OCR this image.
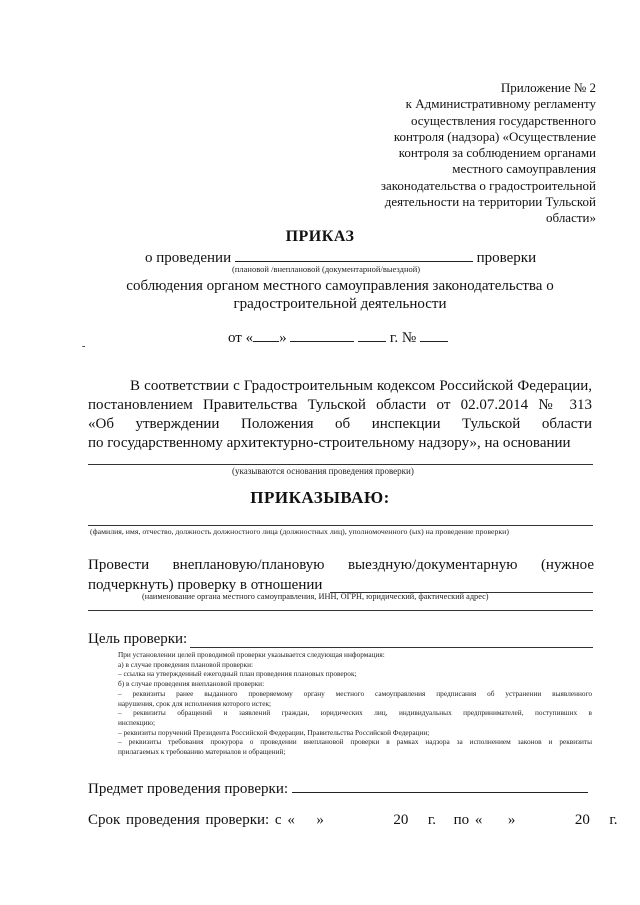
Приложение № 2
к Административному регламенту
осуществления государственного
контроля (надзора) «Осуществление
контроля за соблюдением органами
местного самоуправления
законодательства о градостроительной
деятельности на территории Тульской
области»
ПРИКАЗ
о проведении	проверки
(плановой /внеплановой (документарной/выездной)
соблюдения органом местного самоуправления законодательства о градостроительной деятельности
от « »	г. №
-
В соответствии с Градостроительным кодексом Российской Федерации,
постановлением Правительства Тульской области от 02.07.2014 № 313
«Об утверждении Положения об инспекции Тульской области
по государственному архитектурно-строительному надзору», на основании
(указываются основания проведения проверки)
ПРИКАЗЫВАЮ:
(фамилия, имя, отчество, должность должностного лица (должностных лиц), уполномоченного (ых) на проведение проверки)
Провести внеплановую/плановую выездную/документарную (нужное
подчеркнуть) проверку в отношении
(наименование органа местного самоуправления, ИНН, ОГРН, юридический, фактический адрес)
Цель проверки:
При установлении целей проводимой проверки указывается следующая информация:
а) в случае проведения плановой проверки:
– ссылка на утвержденный ежегодный план проведения плановых проверок;
б) в случае проведения внеплановой проверки:
– реквизиты ранее выданного проверяемому органу местного самоуправления предписания об устранении выявленного
нарушения, срок для исполнения которого истек;
– реквизиты обращений и заявлений граждан, юридических лиц, индивидуальных предпринимателей, поступивших в
инспекцию;
– реквизиты поручений Президента Российской Федерации, Правительства Российской Федерации;
– реквизиты требования прокурора о проведении внеплановой проверки в рамках надзора за исполнением законов и реквизиты
прилагаемых к требованию материалов и обращений;
Предмет проведения проверки:
Срок проведения проверки: с « »	20 г. по « »	20 г.
